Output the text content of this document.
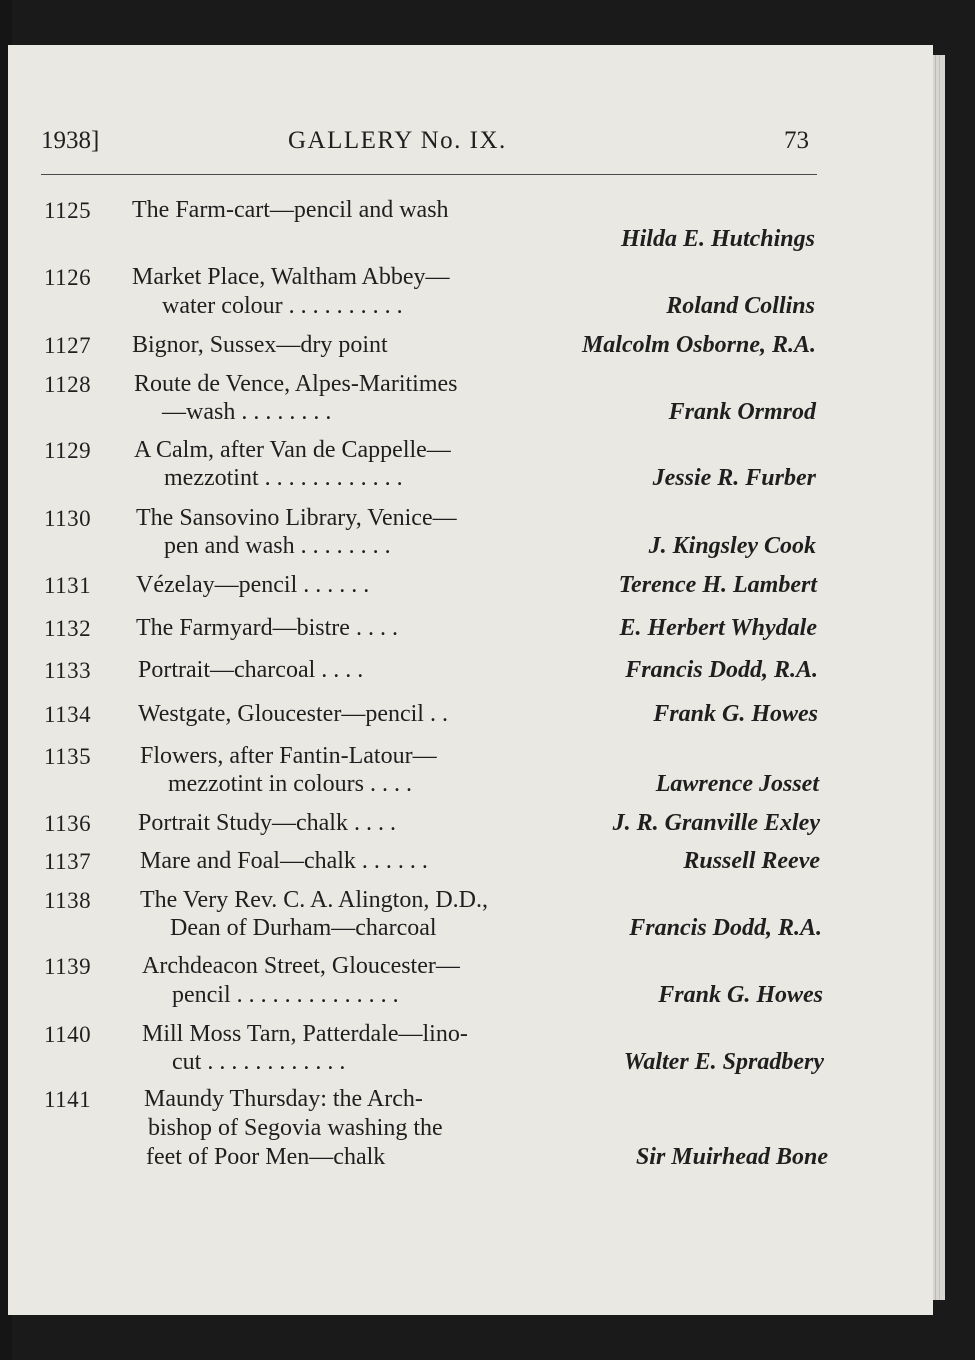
1938]	GALLERY No. IX.	73
1125 The Farm-cart—pencil and wash
Hilda E. Hutchings
1126 Market Place, Waltham Abbey—
water colour . . . . . . . . . .	Roland Collins
1127 Bignor, Sussex—dry point	Malcolm Osborne, R.A.
1128 Route de Vence, Alpes-Maritimes
—wash . . . . . . . .	Frank Ormrod
1129 A Calm, after Van de Cappelle—
mezzotint . . . . . . . . . . . .	Jessie R. Furber
1130 The Sansovino Library, Venice—
pen and wash . . . . . . . .	J. Kingsley Cook
1131 Vézelay—pencil . . . . . .	Terence H. Lambert
1132 The Farmyard—bistre . . . .	E. Herbert Whydale
1133 Portrait—charcoal . . . .	Francis Dodd, R.A.
1134 Westgate, Gloucester—pencil . .	Frank G. Howes
1135 Flowers, after Fantin-Latour—
mezzotint in colours . . . .	Lawrence Josset
1136 Portrait Study—chalk . . . .	J. R. Granville Exley
1137 Mare and Foal—chalk . . . . . .	Russell Reeve
1138 The Very Rev. C. A. Alington, D.D.,
Dean of Durham—charcoal	Francis Dodd, R.A.
1139 Archdeacon Street, Gloucester—
pencil . . . . . . . . . . . . . .	Frank G. Howes
1140 Mill Moss Tarn, Patterdale—lino-
cut . . . . . . . . . . . .	Walter E. Spradbery
1141 Maundy Thursday: the Arch-
bishop of Segovia washing the
feet of Poor Men—chalk	Sir Muirhead Bone
